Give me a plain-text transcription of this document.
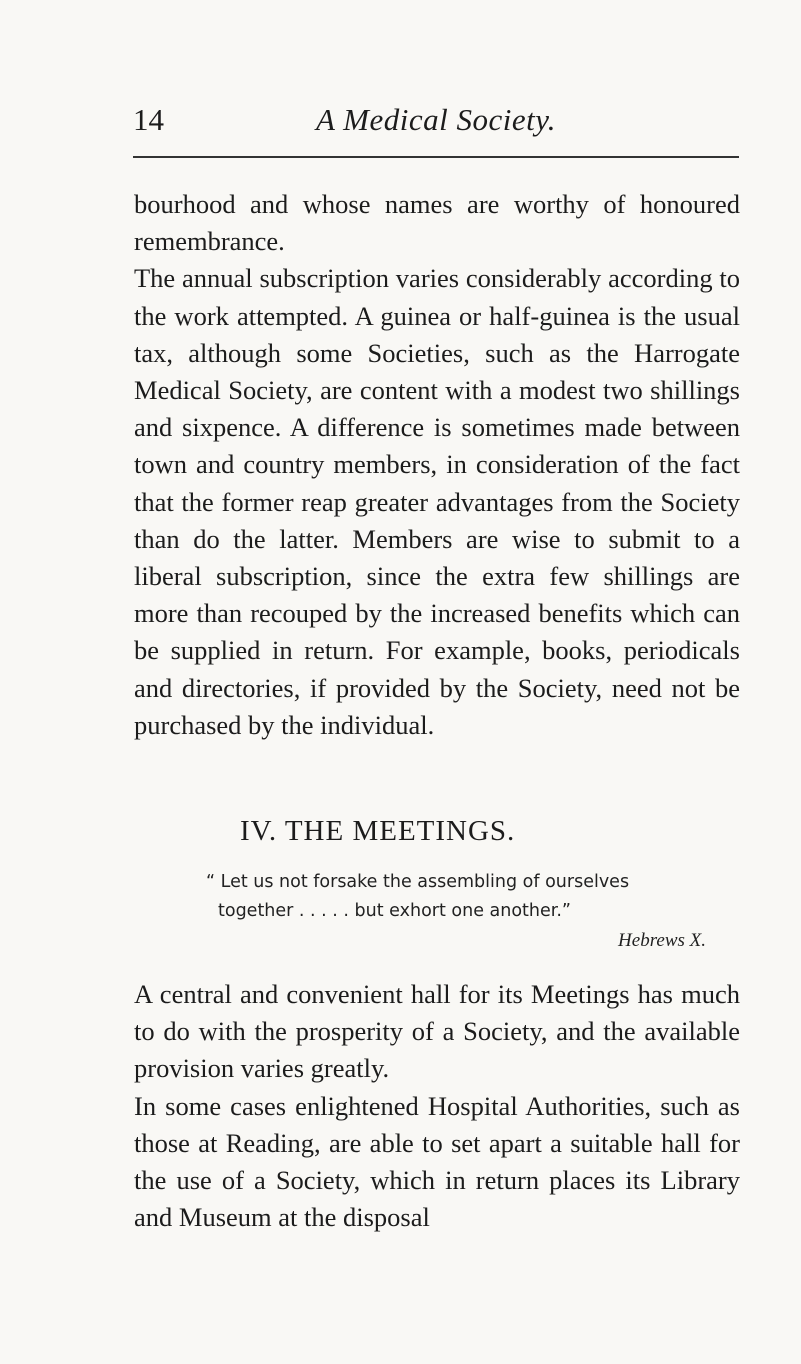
14	A Medical Society.

bourhood and whose names are worthy of honoured remembrance.

The annual subscription varies considerably according to the work attempted. A guinea or half-guinea is the usual tax, although some Societies, such as the Harrogate Medical Society, are content with a modest two shillings and sixpence. A difference is sometimes made between town and country members, in consideration of the fact that the former reap greater advantages from the Society than do the latter. Members are wise to submit to a liberal subscription, since the extra few shillings are more than recouped by the increased benefits which can be supplied in return. For example, books, periodicals and directories, if provided by the Society, need not be purchased by the individual.

IV. THE MEETINGS.
“ Let us not forsake the assembling of ourselves
together . . . . . but exhort one another.”
Hebrews X.

A central and convenient hall for its Meetings has much to do with the prosperity of a Society, and the available provision varies greatly.

In some cases enlightened Hospital Authorities, such as those at Reading, are able to set apart a suitable hall for the use of a Society, which in return places its Library and Museum at the disposal
